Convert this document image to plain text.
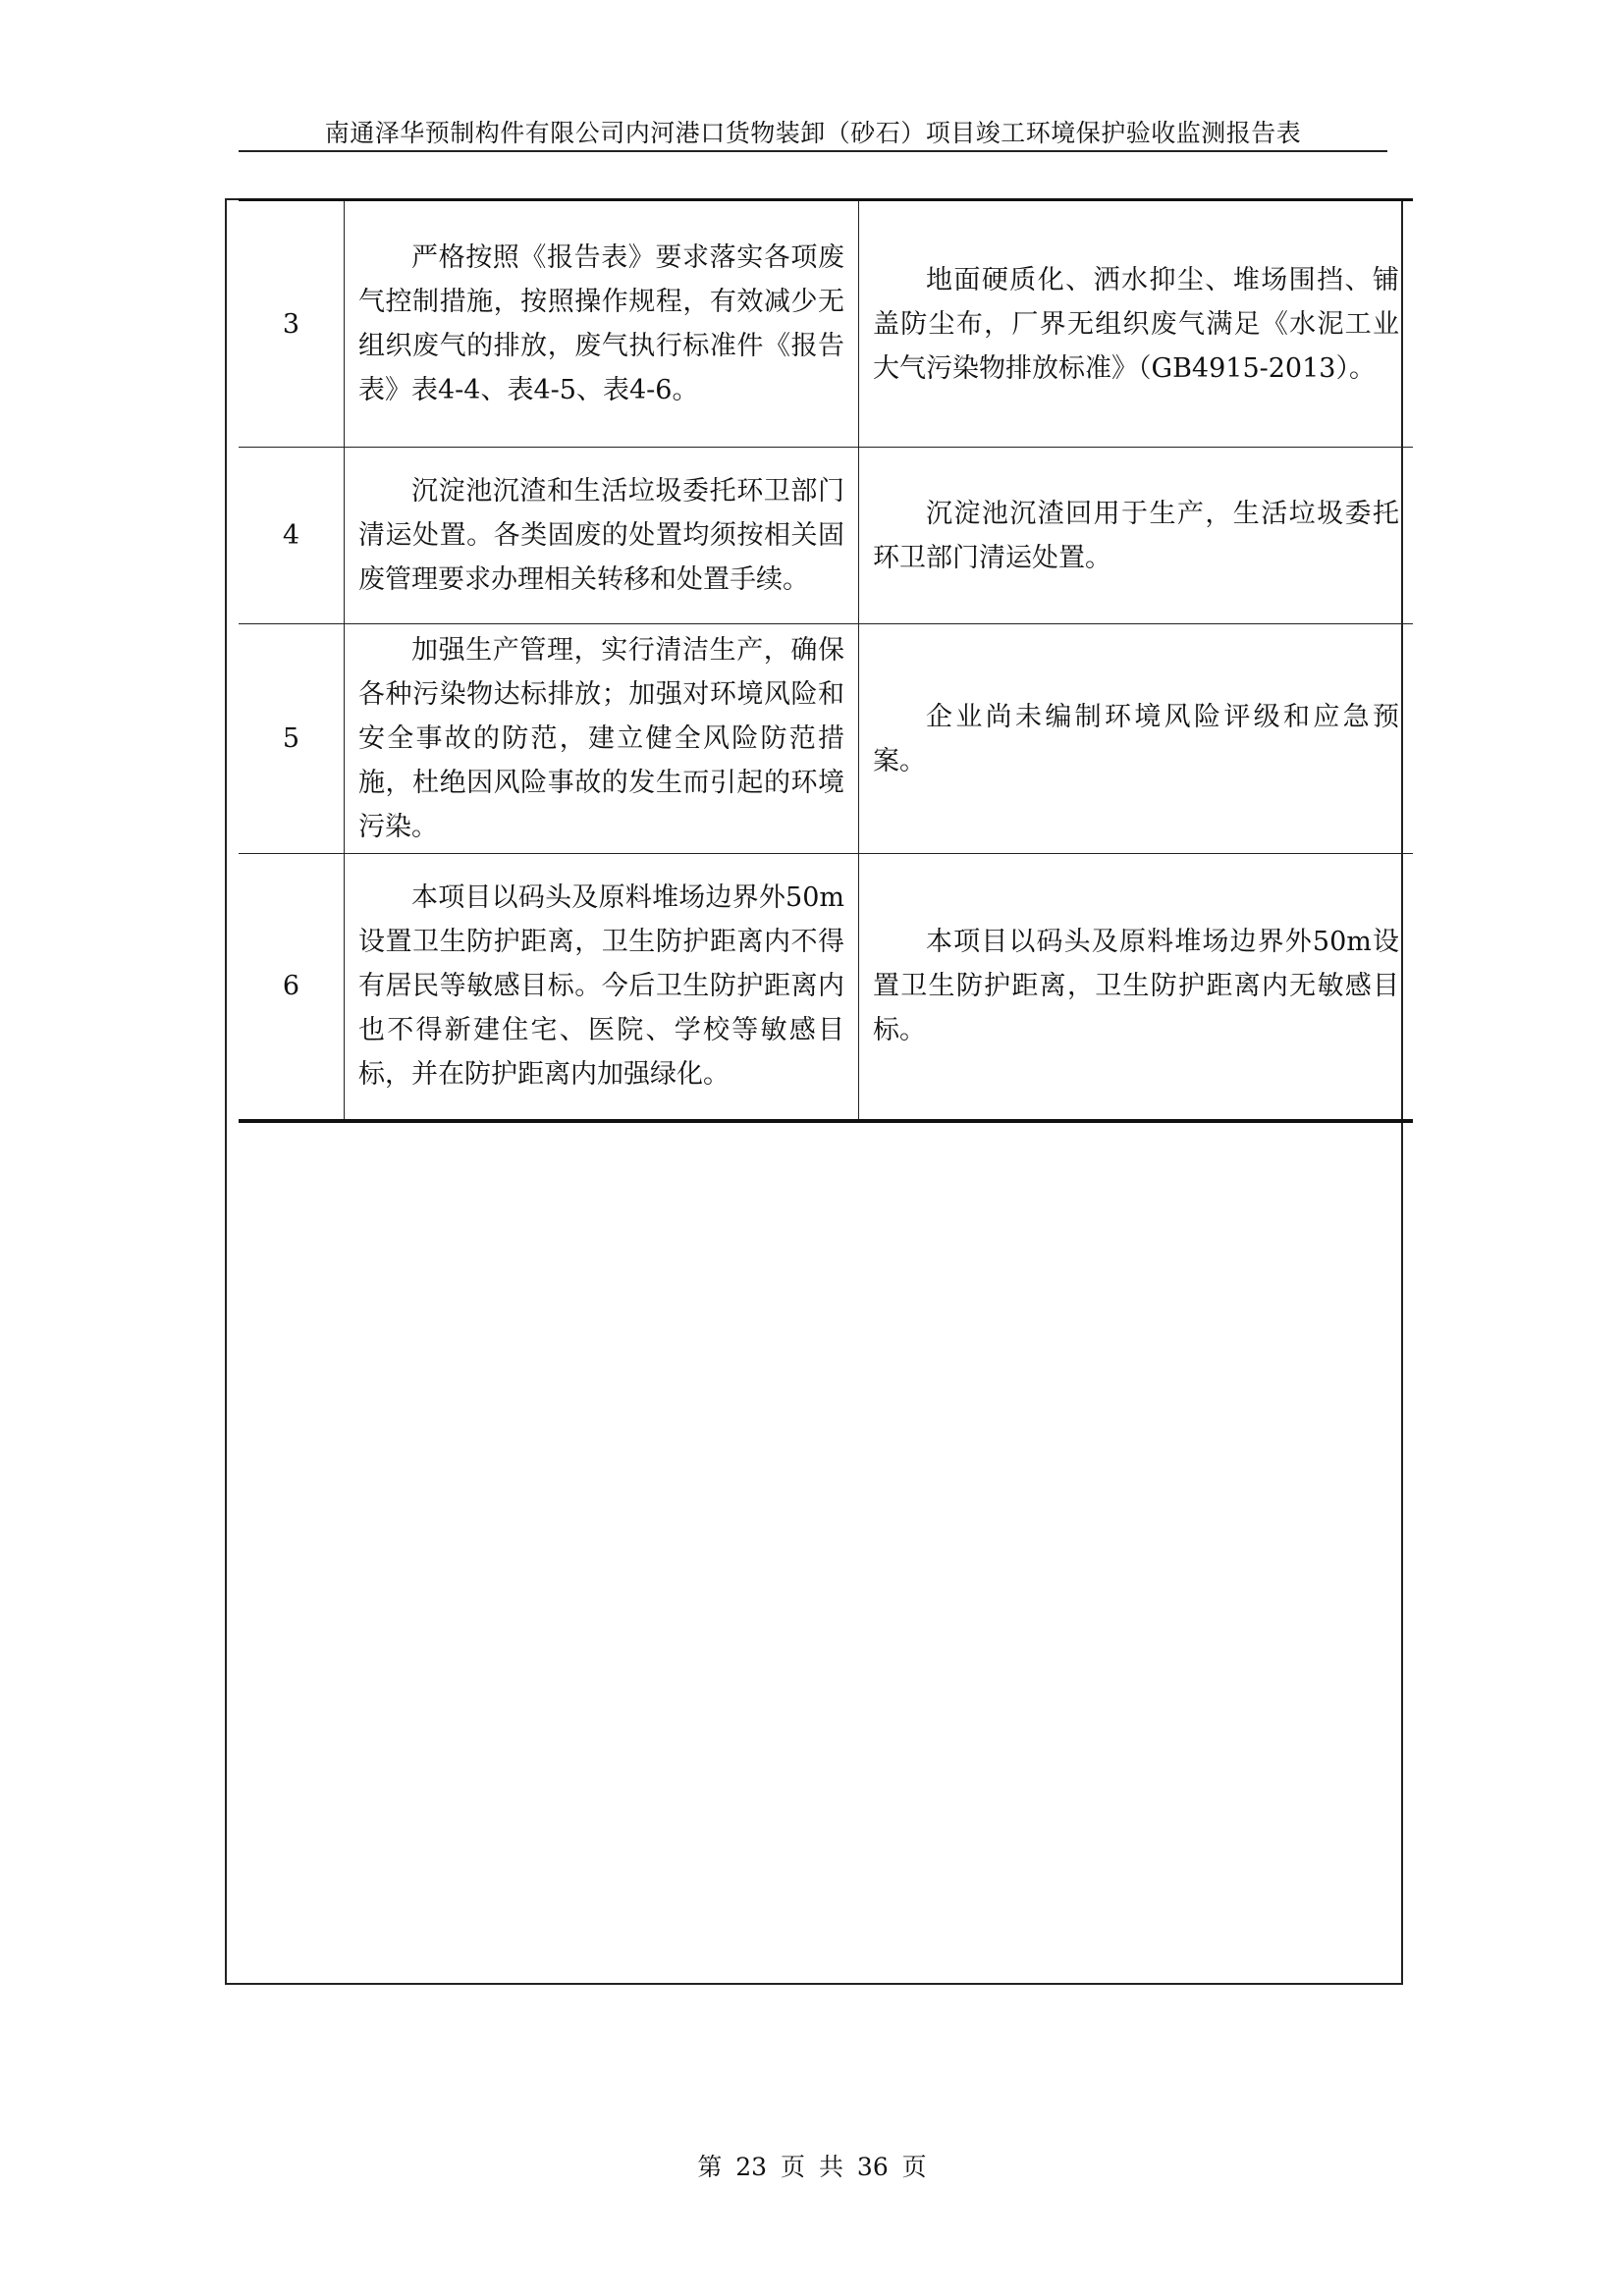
南通泽华预制构件有限公司内河港口货物装卸（砂石）项目竣工环境保护验收监测报告表
3	严格按照《报告表》要求落实各项废气控制措施，按照操作规程，有效减少无组织废气的排放，废气执行标准件《报告表》表4-4、表4-5、表4-6。	地面硬质化、洒水抑尘、堆场围挡、铺盖防尘布，厂界无组织废气满足《水泥工业大气污染物排放标准》（GB4915-2013）。

4	沉淀池沉渣和生活垃圾委托环卫部门清运处置。各类固废的处置均须按相关固废管理要求办理相关转移和处置手续。	沉淀池沉渣回用于生产，生活垃圾委托环卫部门清运处置。

5	加强生产管理，实行清洁生产，确保各种污染物达标排放；加强对环境风险和安全事故的防范，建立健全风险防范措施，杜绝因风险事故的发生而引起的环境污染。	企业尚未编制环境风险评级和应急预案。

6	本项目以码头及原料堆场边界外50m设置卫生防护距离，卫生防护距离内不得有居民等敏感目标。今后卫生防护距离内也不得新建住宅、医院、学校等敏感目标，并在防护距离内加强绿化。	本项目以码头及原料堆场边界外50m设置卫生防护距离，卫生防护距离内无敏感目标。

第 23 页 共 36 页
